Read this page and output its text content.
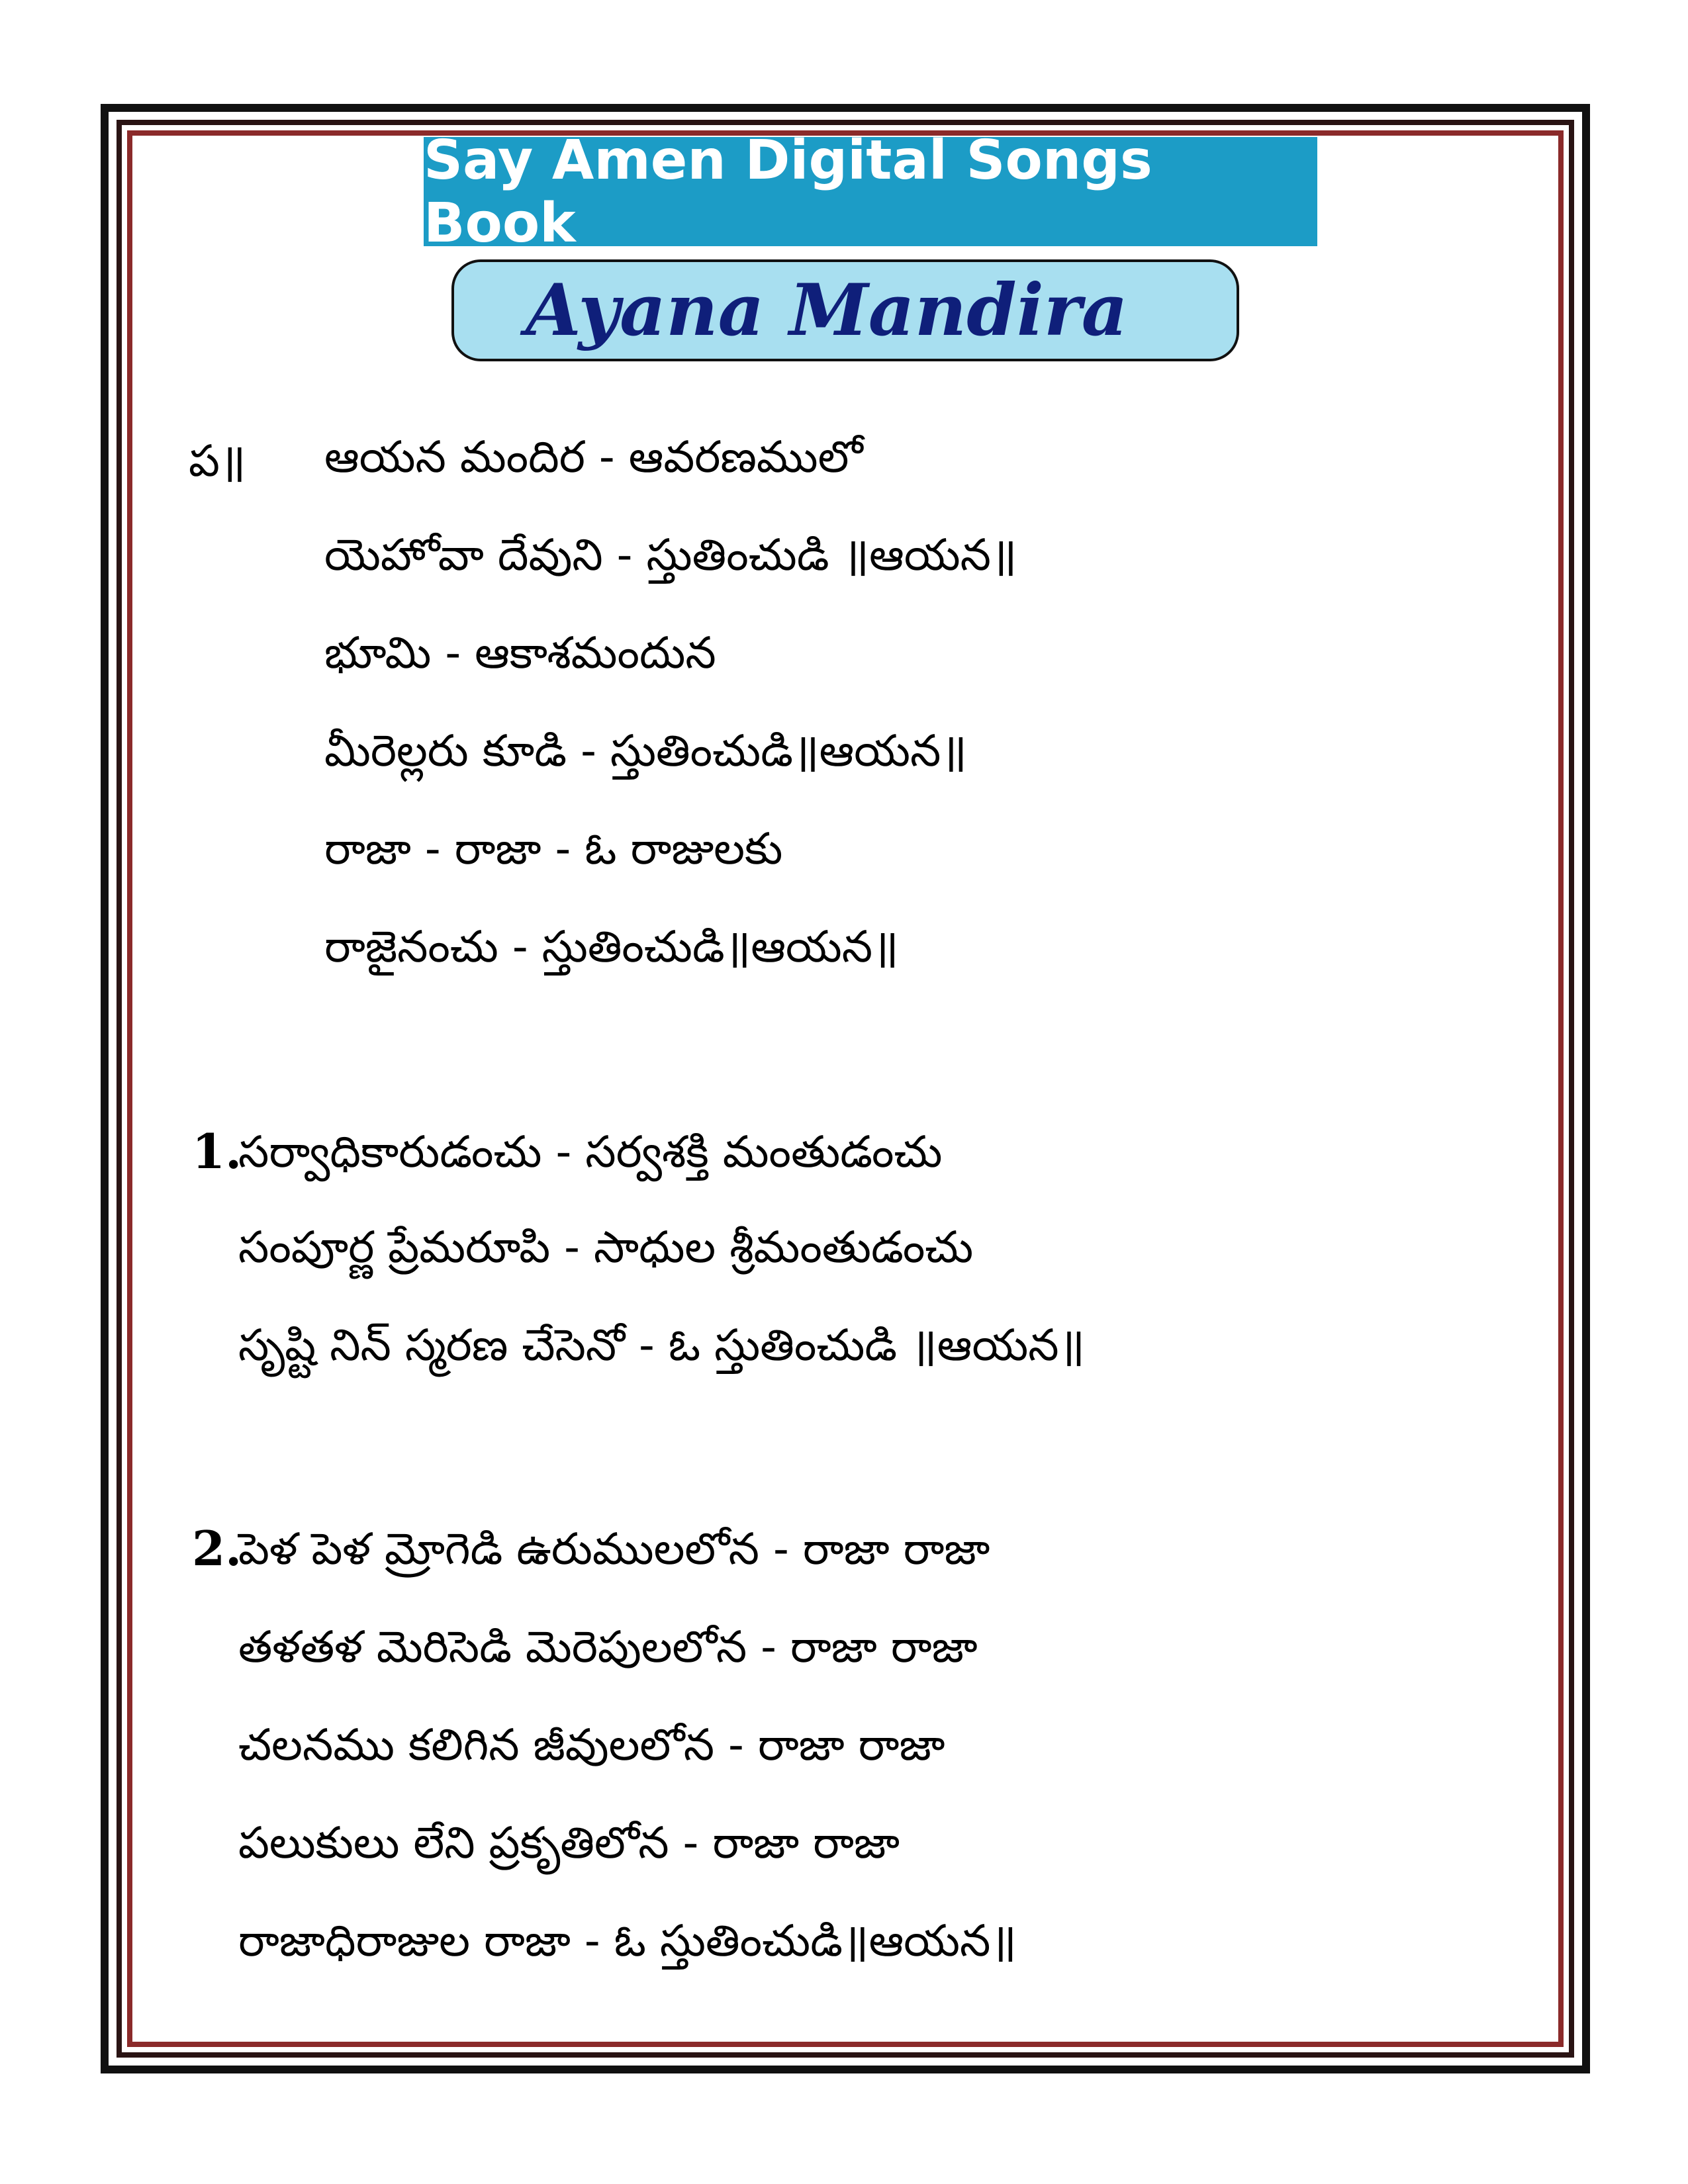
Say Amen Digital Songs Book
Ayana Mandira
ప॥ ఆయన మందిర - ఆవరణములో
యెహోవా దేవుని - స్తుతించుడి ॥ఆయన॥
భూమి - ఆకాశమందున
మీరెల్లరు కూడి - స్తుతించుడి॥ఆయన॥
రాజా - రాజా - ఓ రాజులకు
రాజైనంచు - స్తుతించుడి॥ఆయన॥
1.
సర్వాధికారుడంచు - సర్వశక్తి మంతుడంచు
సంపూర్ణ ప్రేమరూపి - సాధుల శ్రీమంతుడంచు
సృష్టి నిన్ స్మరణ చేసెనో - ఓ స్తుతించుడి ॥ఆయన॥
2.
పెళ పెళ మ్రోగెడి ఉరుములలోన - రాజా రాజా
తళతళ మెరిసెడి మెరెపులలోన - రాజా రాజా
చలనము కలిగిన జీవులలోన - రాజా రాజా
పలుకులు లేని ప్రకృతిలోన - రాజా రాజా
రాజాధిరాజుల రాజా - ఓ స్తుతించుడి॥ఆయన॥
